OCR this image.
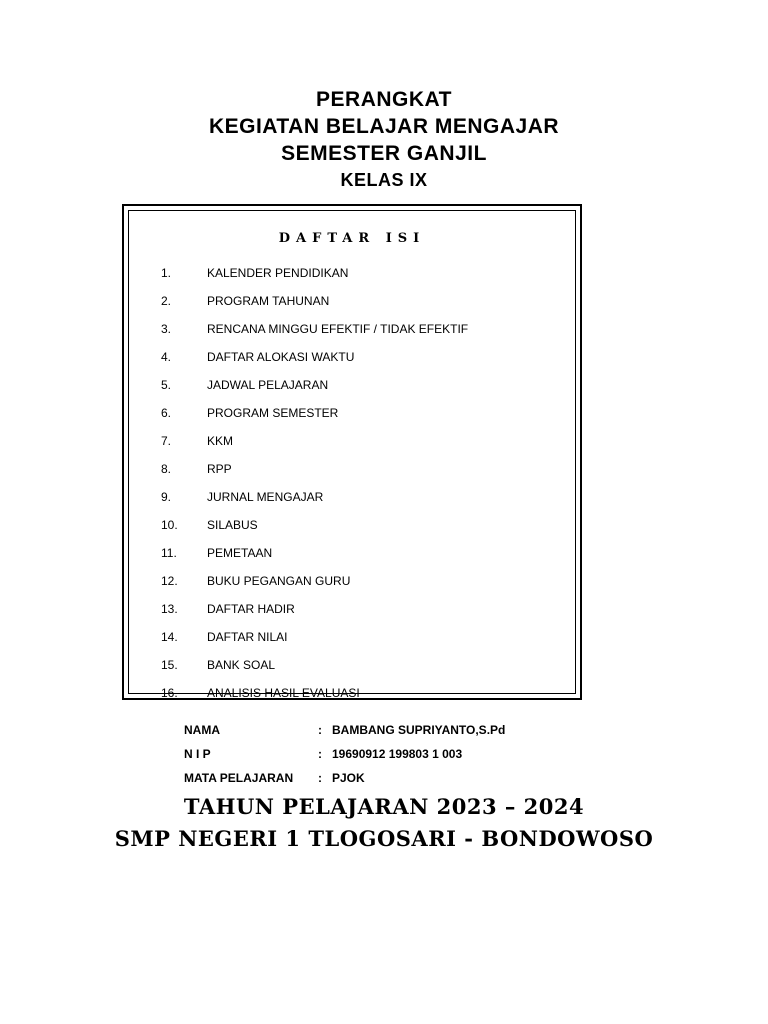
PERANGKAT
KEGIATAN BELAJAR MENGAJAR
SEMESTER GANJIL
KELAS IX
DAFTAR ISI
1.	KALENDER PENDIDIKAN
2.	PROGRAM TAHUNAN
3.	RENCANA MINGGU EFEKTIF / TIDAK EFEKTIF
4.	DAFTAR ALOKASI WAKTU
5.	JADWAL PELAJARAN
6.	PROGRAM SEMESTER
7.	KKM
8.	RPP
9.	JURNAL MENGAJAR
10. SILABUS
11.	PEMETAAN
12. BUKU PEGANGAN GURU
13. DAFTAR HADIR
14. DAFTAR NILAI
15. BANK SOAL
16. ANALISIS HASIL EVALUASI
NAMA	: BAMBANG SUPRIYANTO,S.Pd
N I P	: 19690912 199803 1 003
MATA PELAJARAN : PJOK
TAHUN PELAJARAN 2023 – 2024
SMP NEGERI 1 TLOGOSARI - BONDOWOSO
